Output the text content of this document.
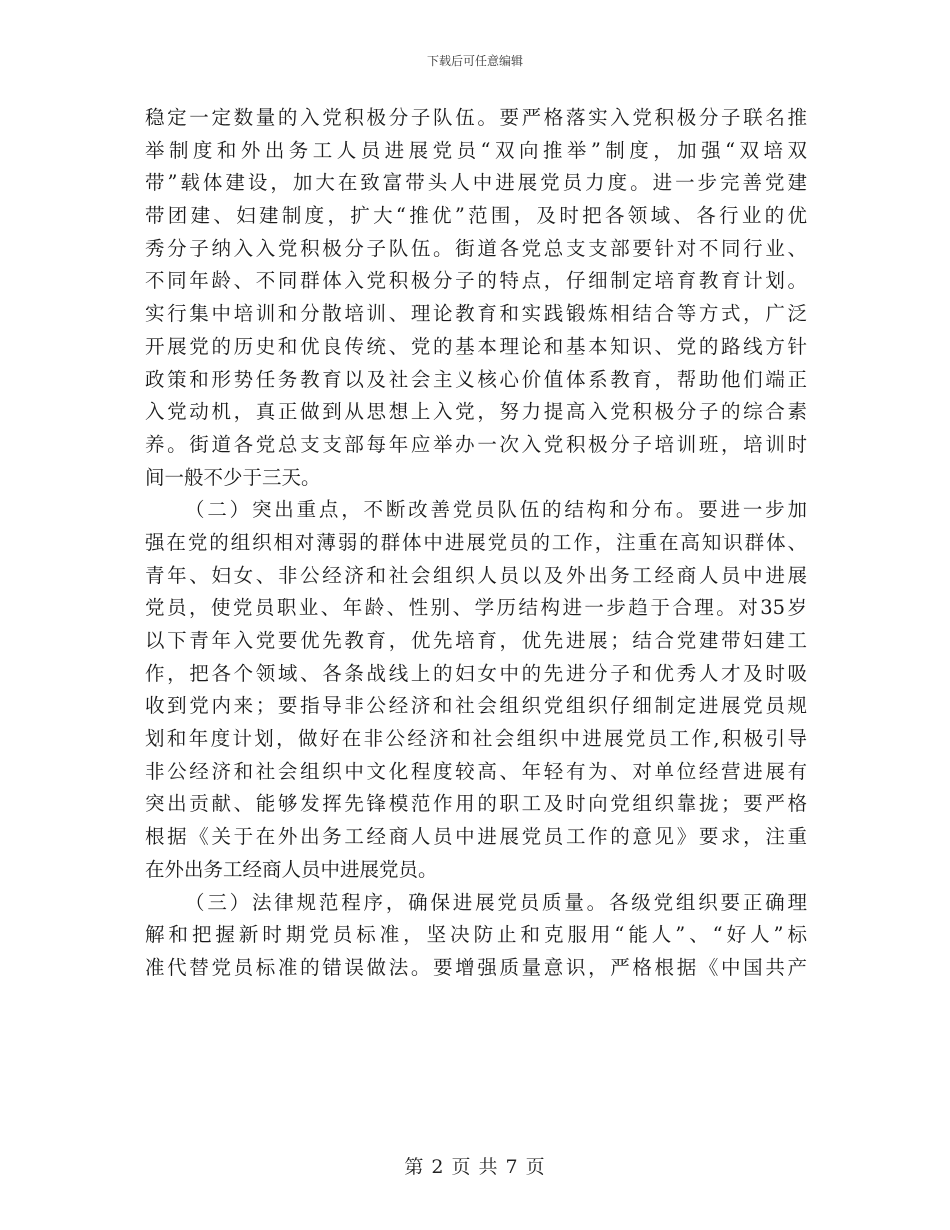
下载后可任意编辑
稳定一定数量的入党积极分子队伍。要严格落实入党积极分子联名推
举制度和外出务工人员进展党员“双向推举”制度，加强“双培双
带”载体建设，加大在致富带头人中进展党员力度。进一步完善党建
带团建、妇建制度，扩大“推优”范围，及时把各领域、各行业的优
秀分子纳入入党积极分子队伍。街道各党总支支部要针对不同行业、
不同年龄、不同群体入党积极分子的特点，仔细制定培育教育计划。
实行集中培训和分散培训、理论教育和实践锻炼相结合等方式，广泛
开展党的历史和优良传统、党的基本理论和基本知识、党的路线方针
政策和形势任务教育以及社会主义核心价值体系教育，帮助他们端正
入党动机，真正做到从思想上入党，努力提高入党积极分子的综合素
养。街道各党总支支部每年应举办一次入党积极分子培训班，培训时
间一般不少于三天。
（二）突出重点，不断改善党员队伍的结构和分布。要进一步加
强在党的组织相对薄弱的群体中进展党员的工作，注重在高知识群体、
青年、妇女、非公经济和社会组织人员以及外出务工经商人员中进展
党员，使党员职业、年龄、性别、学历结构进一步趋于合理。对35岁
以下青年入党要优先教育，优先培育，优先进展；结合党建带妇建工
作，把各个领域、各条战线上的妇女中的先进分子和优秀人才及时吸
收到党内来；要指导非公经济和社会组织党组织仔细制定进展党员规
划和年度计划，做好在非公经济和社会组织中进展党员工作,积极引导
非公经济和社会组织中文化程度较高、年轻有为、对单位经营进展有
突出贡献、能够发挥先锋模范作用的职工及时向党组织靠拢；要严格
根据《关于在外出务工经商人员中进展党员工作的意见》要求，注重
在外出务工经商人员中进展党员。
（三）法律规范程序，确保进展党员质量。各级党组织要正确理
解和把握新时期党员标准，坚决防止和克服用“能人”、“好人”标
准代替党员标准的错误做法。要增强质量意识，严格根据《中国共产
第 2 页 共 7 页
